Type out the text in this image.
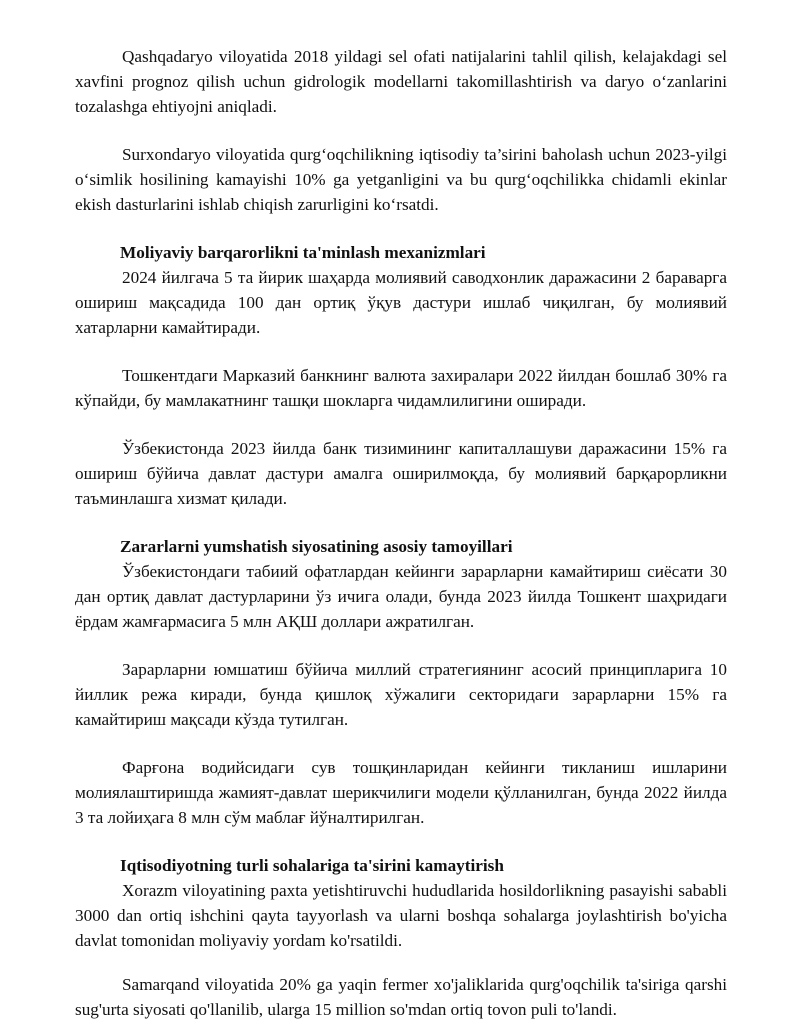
Qashqadaryo viloyatida 2018 yildagi sel ofati natijalarini tahlil qilish, kelajakdagi sel xavfini prognoz qilish uchun gidrologik modellarni takomillashtirish va daryo o‘zanlarini tozalashga ehtiyojni aniqladi.

Surxondaryo viloyatida qurg‘oqchilikning iqtisodiy ta’sirini baholash uchun 2023-yilgi o‘simlik hosilining kamayishi 10% ga yetganligini va bu qurg‘oqchilikka chidamli ekinlar ekish dasturlarini ishlab chiqish zarurligini ko‘rsatdi.

Moliyaviy barqarorlikni ta'minlash mexanizmlari

2024 йилгача 5 та йирик шаҳарда молиявий саводхонлик даражасини 2 бараварга ошириш мақсадида 100 дан ортиқ ўқув дастури ишлаб чиқилган, бу молиявий хатарларни камайтиради.

Тошкентдаги Марказий банкнинг валюта захиралари 2022 йилдан бошлаб 30% га кўпайди, бу мамлакатнинг ташқи шокларга чидамлилигини оширади.

Ўзбекистонда 2023 йилда банк тизимининг капиталлашуви даражасини 15% га ошириш бўйича давлат дастури амалга оширилмоқда, бу молиявий барқарорликни таъминлашга хизмат қилади.

Zararlarni yumshatish siyosatining asosiy tamoyillari

Ўзбекистондаги табиий офатлардан кейинги зарарларни камайтириш сиёсати 30 дан ортиқ давлат дастурларини ўз ичига олади, бунда 2023 йилда Тошкент шаҳридаги ёрдам жамғармасига 5 млн АҚШ доллари ажратилган.

Зарарларни юмшатиш бўйича миллий стратегиянинг асосий принципларига 10 йиллик режа киради, бунда қишлоқ хўжалиги секторидаги зарарларни 15% га камайтириш мақсади кўзда тутилган.

Фарғона водийсидаги сув тошқинларидан кейинги тикланиш ишларини молиялаштиришда жамият-давлат шерикчилиги модели қўлланилган, бунда 2022 йилда 3 та лойиҳага 8 млн сўм маблағ йўналтирилган.

Iqtisodiyotning turli sohalariga ta'sirini kamaytirish

Xorazm viloyatining paxta yetishtiruvchi hududlarida hosildorlikning pasayishi sababli 3000 dan ortiq ishchini qayta tayyorlash va ularni boshqa sohalarga joylashtirish bo'yicha davlat tomonidan moliyaviy yordam ko'rsatildi.

Samarqand viloyatida 20% ga yaqin fermer xo'jaliklarida qurg'oqchilik ta'siriga qarshi sug'urta siyosati qo'llanilib, ularga 15 million so'mdan ortiq tovon puli to'landi.
